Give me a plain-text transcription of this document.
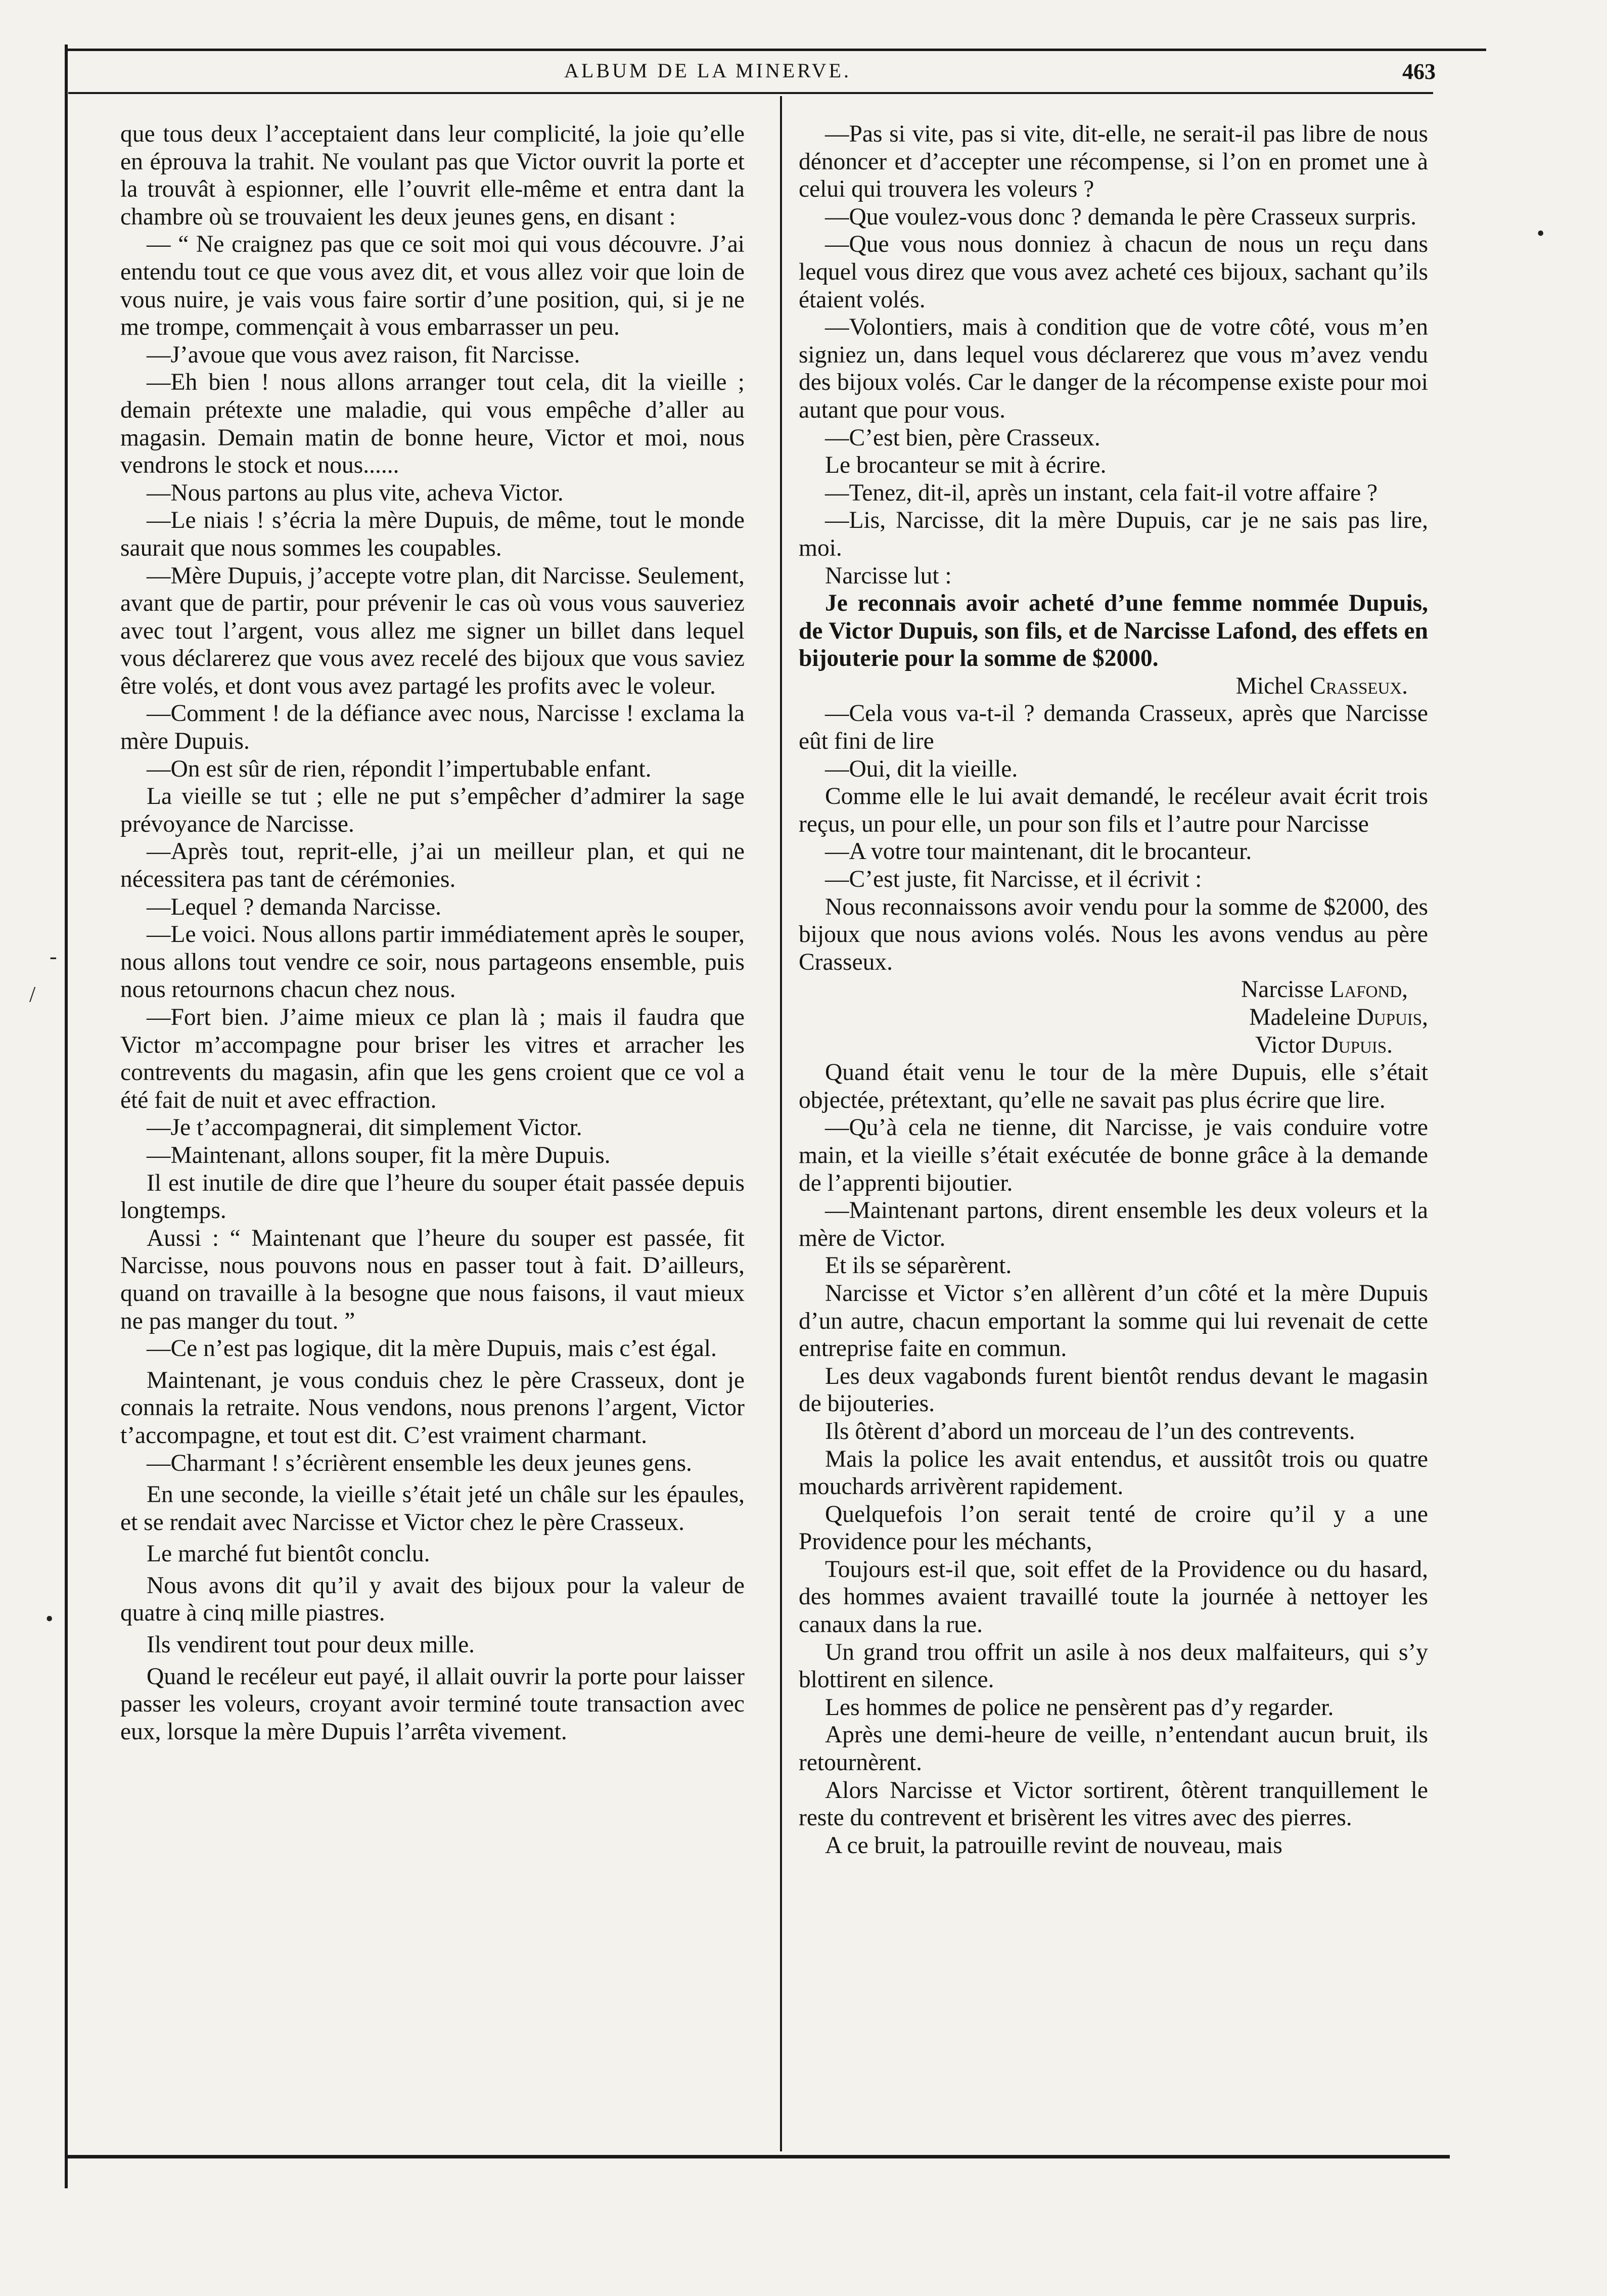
ALBUM DE LA MINERVE.	463

que tous deux l’acceptaient dans leur complicité, la joie qu’elle en éprouva la trahit. Ne voulant pas que Victor ouvrit la porte et la trouvât à espionner, elle l’ouvrit elle-même et entra dant la chambre où se trouvaient les deux jeunes gens, en disant :

— “ Ne craignez pas que ce soit moi qui vous découvre. J’ai entendu tout ce que vous avez dit, et vous allez voir que loin de vous nuire, je vais vous faire sortir d’une position, qui, si je ne me trompe, commençait à vous embarrasser un peu.

—J’avoue que vous avez raison, fit Narcisse.

—Eh bien ! nous allons arranger tout cela, dit la vieille ; demain prétexte une maladie, qui vous empêche d’aller au magasin. Demain matin de bonne heure, Victor et moi, nous vendrons le stock et nous......

—Nous partons au plus vite, acheva Victor.

—Le niais ! s’écria la mère Dupuis, de même, tout le monde saurait que nous sommes les coupables.

—Mère Dupuis, j’accepte votre plan, dit Narcisse. Seulement, avant que de partir, pour prévenir le cas où vous vous sauveriez avec tout l’argent, vous allez me signer un billet dans lequel vous déclarerez que vous avez recelé des bijoux que vous saviez être volés, et dont vous avez partagé les profits avec le voleur.

—Comment ! de la défiance avec nous, Narcisse ! exclama la mère Dupuis.

—On est sûr de rien, répondit l’impertubable enfant.

La vieille se tut ; elle ne put s’empêcher d’admirer la sage prévoyance de Narcisse.

—Après tout, reprit-elle, j’ai un meilleur plan, et qui ne nécessitera pas tant de cérémonies.

—Lequel ? demanda Narcisse.

—Le voici. Nous allons partir immédiatement après le souper, nous allons tout vendre ce soir, nous partageons ensemble, puis nous retournons chacun chez nous.

—Fort bien. J’aime mieux ce plan là ; mais il faudra que Victor m’accompagne pour briser les vitres et arracher les contrevents du magasin, afin que les gens croient que ce vol a été fait de nuit et avec effraction.

—Je t’accompagnerai, dit simplement Victor.

—Maintenant, allons souper, fit la mère Dupuis.

Il est inutile de dire que l’heure du souper était passée depuis longtemps.

Aussi : “ Maintenant que l’heure du souper est passée, fit Narcisse, nous pouvons nous en passer tout à fait. D’ailleurs, quand on travaille à la besogne que nous faisons, il vaut mieux ne pas manger du tout. ”

—Ce n’est pas logique, dit la mère Dupuis, mais c’est égal.

Maintenant, je vous conduis chez le père Crasseux, dont je connais la retraite. Nous vendons, nous prenons l’argent, Victor t’accompagne, et tout est dit. C’est vraiment charmant.

—Charmant ! s’écrièrent ensemble les deux jeunes gens.

En une seconde, la vieille s’était jeté un châle sur les épaules, et se rendait avec Narcisse et Victor chez le père Crasseux.

Le marché fut bientôt conclu.

Nous avons dit qu’il y avait des bijoux pour la valeur de quatre à cinq mille piastres.

Ils vendirent tout pour deux mille.

Quand le recéleur eut payé, il allait ouvrir la porte pour laisser passer les voleurs, croyant avoir terminé toute transaction avec eux, lorsque la mère Dupuis l’arrêta vivement.

—Pas si vite, pas si vite, dit-elle, ne serait-il pas libre de nous dénoncer et d’accepter une récompense, si l’on en promet une à celui qui trouvera les voleurs ?

—Que voulez-vous donc ? demanda le père Crasseux surpris.

—Que vous nous donniez à chacun de nous un reçu dans lequel vous direz que vous avez acheté ces bijoux, sachant qu’ils étaient volés.

—Volontiers, mais à condition que de votre côté, vous m’en signiez un, dans lequel vous déclarerez que vous m’avez vendu des bijoux volés. Car le danger de la récompense existe pour moi autant que pour vous.

—C’est bien, père Crasseux.

Le brocanteur se mit à écrire.

—Tenez, dit-il, après un instant, cela fait-il votre affaire ?

—Lis, Narcisse, dit la mère Dupuis, car je ne sais pas lire, moi.

Narcisse lut :

Je reconnais avoir acheté d’une femme nommée Dupuis, de Victor Dupuis, son fils, et de Narcisse Lafond, des effets en bijouterie pour la somme de $2000.

Michel Crasseux.

—Cela vous va-t-il ? demanda Crasseux, après que Narcisse eût fini de lire

—Oui, dit la vieille.

Comme elle le lui avait demandé, le recéleur avait écrit trois reçus, un pour elle, un pour son fils et l’autre pour Narcisse

—A votre tour maintenant, dit le brocanteur.

—C’est juste, fit Narcisse, et il écrivit :

Nous reconnaissons avoir vendu pour la somme de $2000, des bijoux que nous avions volés. Nous les avons vendus au père Crasseux.

Narcisse Lafond,

Madeleine Dupuis,

Victor Dupuis.

Quand était venu le tour de la mère Dupuis, elle s’était objectée, prétextant, qu’elle ne savait pas plus écrire que lire.

—Qu’à cela ne tienne, dit Narcisse, je vais conduire votre main, et la vieille s’était exécutée de bonne grâce à la demande de l’apprenti bijoutier.

—Maintenant partons, dirent ensemble les deux voleurs et la mère de Victor.

Et ils se séparèrent.

Narcisse et Victor s’en allèrent d’un côté et la mère Dupuis d’un autre, chacun emportant la somme qui lui revenait de cette entreprise faite en commun.

Les deux vagabonds furent bientôt rendus devant le magasin de bijouteries.

Ils ôtèrent d’abord un morceau de l’un des contrevents.

Mais la police les avait entendus, et aussitôt trois ou quatre mouchards arrivèrent rapidement.

Quelquefois l’on serait tenté de croire qu’il y a une Providence pour les méchants,

Toujours est-il que, soit effet de la Providence ou du hasard, des hommes avaient travaillé toute la journée à nettoyer les canaux dans la rue.

Un grand trou offrit un asile à nos deux malfaiteurs, qui s’y blottirent en silence.

Les hommes de police ne pensèrent pas d’y regarder.

Après une demi-heure de veille, n’entendant aucun bruit, ils retournèrent.

Alors Narcisse et Victor sortirent, ôtèrent tranquillement le reste du contrevent et brisèrent les vitres avec des pierres.

A ce bruit, la patrouille revint de nouveau, mais

•
-
/
•
